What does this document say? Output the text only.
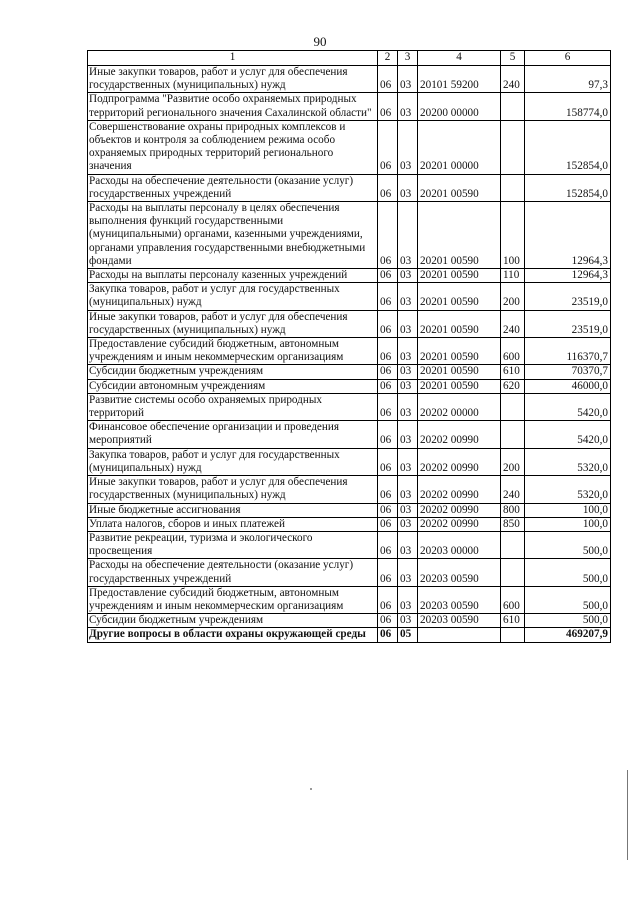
90
1	2	3	4	5	6
Иные закупки товаров, работ и услуг для обеспечения государственных (муниципальных) нужд	06	03	20101 59200	240	97,3
Подпрограмма "Развитие особо охраняемых природных территорий регионального значения Сахалинской области"	06	03	20200 00000		158774,0
Совершенствование охраны природных комплексов и объектов и контроля за соблюдением режима особо охраняемых природных территорий регионального значения	06	03	20201 00000		152854,0
Расходы на обеспечение деятельности (оказание услуг) государственных учреждений	06	03	20201 00590		152854,0
Расходы на выплаты персоналу в целях обеспечения выполнения функций государственными (муниципальными) органами, казенными учреждениями, органами управления государственными внебюджетными фондами	06	03	20201 00590	100	12964,3
Расходы на выплаты персоналу казенных учреждений	06	03	20201 00590	110	12964,3
Закупка товаров, работ и услуг для государственных (муниципальных) нужд	06	03	20201 00590	200	23519,0
Иные закупки товаров, работ и услуг для обеспечения государственных (муниципальных) нужд	06	03	20201 00590	240	23519,0
Предоставление субсидий бюджетным, автономным учреждениям и иным некоммерческим организациям	06	03	20201 00590	600	116370,7
Субсидии бюджетным учреждениям	06	03	20201 00590	610	70370,7
Субсидии автономным учреждениям	06	03	20201 00590	620	46000,0
Развитие системы особо охраняемых природных территорий	06	03	20202 00000		5420,0
Финансовое обеспечение организации и проведения мероприятий	06	03	20202 00990		5420,0
Закупка товаров, работ и услуг для государственных (муниципальных) нужд	06	03	20202 00990	200	5320,0
Иные закупки товаров, работ и услуг для обеспечения государственных (муниципальных) нужд	06	03	20202 00990	240	5320,0
Иные бюджетные ассигнования	06	03	20202 00990	800	100,0
Уплата налогов, сборов и иных платежей	06	03	20202 00990	850	100,0
Развитие рекреации, туризма и экологического просвещения	06	03	20203 00000		500,0
Расходы на обеспечение деятельности (оказание услуг) государственных учреждений	06	03	20203 00590		500,0
Предоставление субсидий бюджетным, автономным учреждениям и иным некоммерческим организациям	06	03	20203 00590	600	500,0
Субсидии бюджетным учреждениям	06	03	20203 00590	610	500,0
Другие вопросы в области охраны окружающей среды	06	05			469207,9
